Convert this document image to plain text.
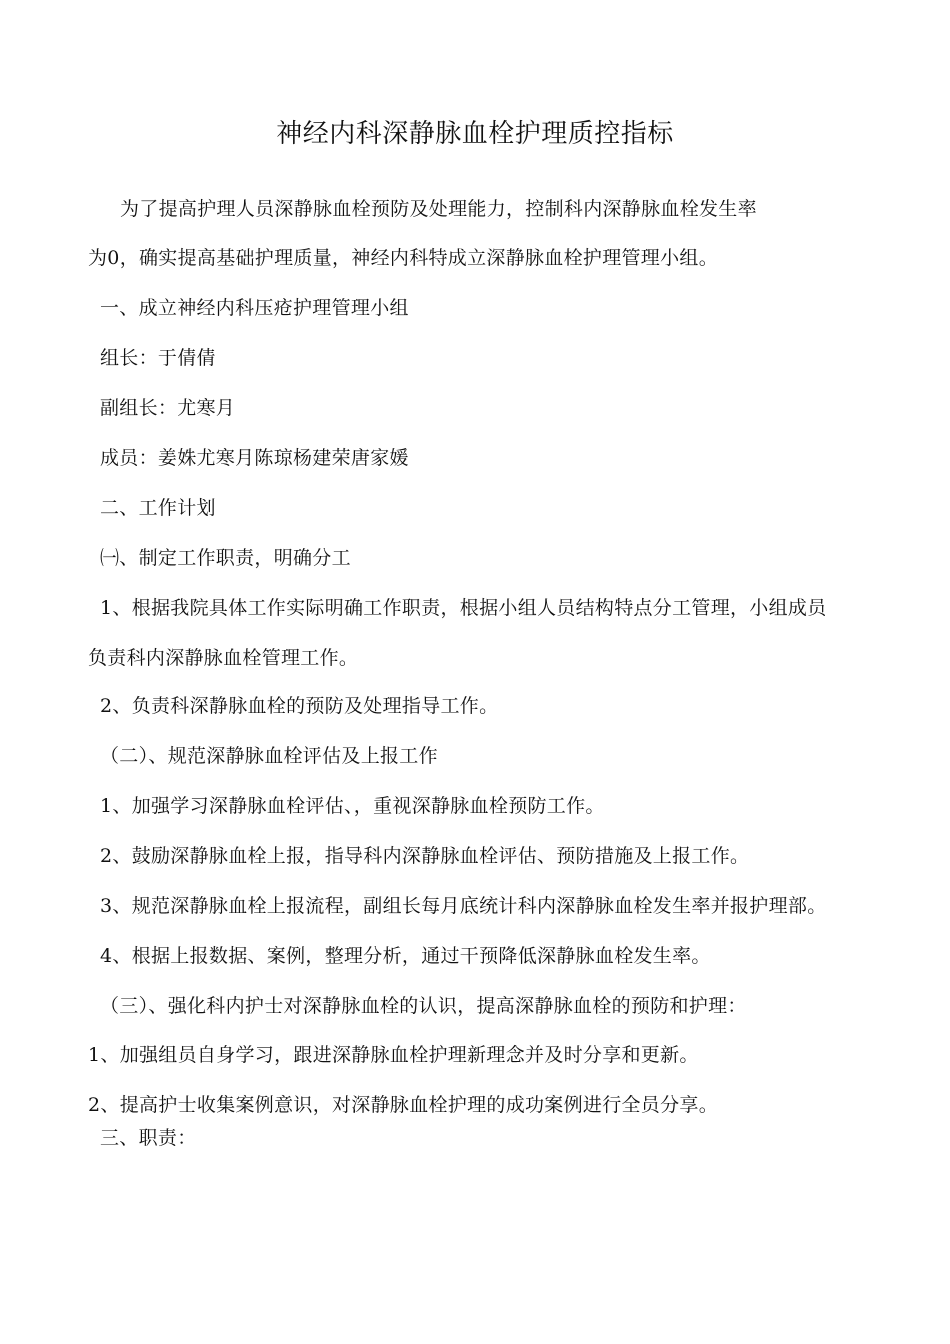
神经内科深静脉血栓护理质控指标
为了提高护理人员深静脉血栓预防及处理能力，控制科内深静脉血栓发生率
为0，确实提高基础护理质量，神经内科特成立深静脉血栓护理管理小组。
一、成立神经内科压疮护理管理小组
组长：于倩倩
副组长：尤寒月
成员：姜姝尤寒月陈琼杨建荣唐家媛
二、工作计划
㈠、制定工作职责，明确分工
1、根据我院具体工作实际明确工作职责，根据小组人员结构特点分工管理，小组成员
负责科内深静脉血栓管理工作。
2、负责科深静脉血栓的预防及处理指导工作。
（二）、规范深静脉血栓评估及上报工作
1、加强学习深静脉血栓评估、，重视深静脉血栓预防工作。
2、鼓励深静脉血栓上报，指导科内深静脉血栓评估、预防措施及上报工作。
3、规范深静脉血栓上报流程，副组长每月底统计科内深静脉血栓发生率并报护理部。
4、根据上报数据、案例，整理分析，通过干预降低深静脉血栓发生率。
（三）、强化科内护士对深静脉血栓的认识，提高深静脉血栓的预防和护理：
1、加强组员自身学习，跟进深静脉血栓护理新理念并及时分享和更新。
2、提高护士收集案例意识，对深静脉血栓护理的成功案例进行全员分享。
三、职责：
